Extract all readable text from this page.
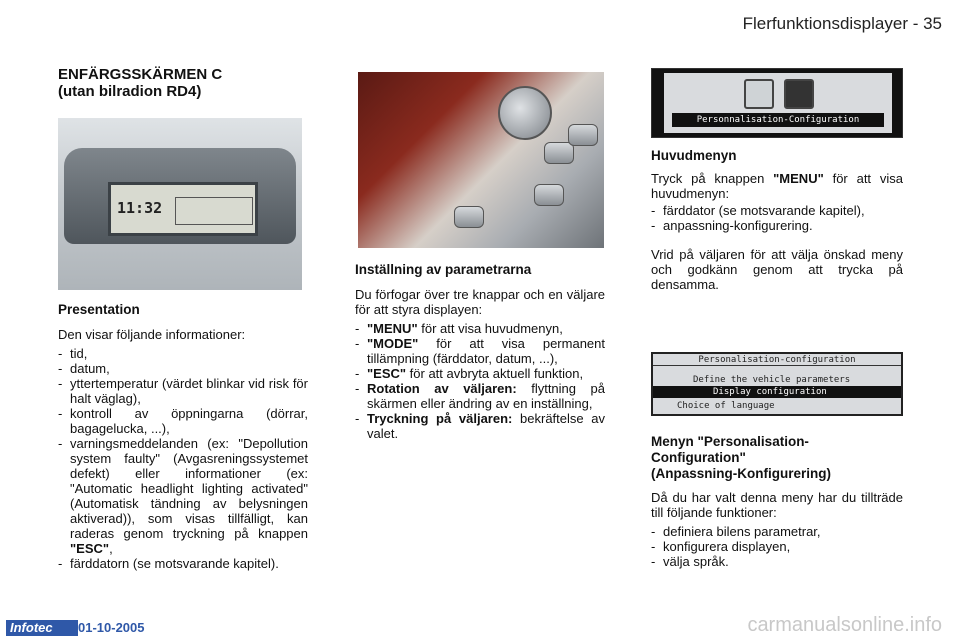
Flerfunktionsdisplayer - 35
ENFÄRGSSKÄRMEN C
(utan bilradion RD4)
11:32
Presentation

Den visar följande informationer:

- tid,
- datum,
- yttertemperatur (värdet blinkar vid risk för halt väglag),
- kontroll av öppningarna (dörrar, bagagelucka, ...),
- varningsmeddelanden (ex: "Depollution system faulty" (Avgasreningssystemet defekt) eller informationer (ex: "Automatic headlight lighting activated" (Automatisk tändning av belysningen aktiverad)), som visas tillfälligt, kan raderas genom tryckning på knappen "ESC",
- färddatorn (se motsvarande kapitel).
Inställning av parametrarna

Du förfogar över tre knappar och en väljare för att styra displayen:

- "MENU" för att visa huvudmenyn,
- "MODE" för att visa permanent tillämpning (färddator, datum, ...),
- "ESC" för att avbryta aktuell funktion,
- Rotation av väljaren: flyttning på skärmen eller ändring av en inställning,
- Tryckning på väljaren: bekräftelse av valet.
Personnalisation-Configuration
Huvudmenyn

Tryck på knappen "MENU" för att visa huvudmenyn:

- färddator (se motsvarande kapitel),
- anpassning-konfigurering.

Vrid på väljaren för att välja önskad meny och godkänn genom att trycka på densamma.

Personalisation-configuration
Define the vehicle parameters
Display configuration
Choice of language
Menyn "Personalisation-
Configuration"
(Anpassning-Konfigurering)

Då du har valt denna meny har du tillträde till följande funktioner:

- definiera bilens parametrar,
- konfigurera displayen,
- välja språk.
Infotec	01-10-2005	carmanualsonline.info
